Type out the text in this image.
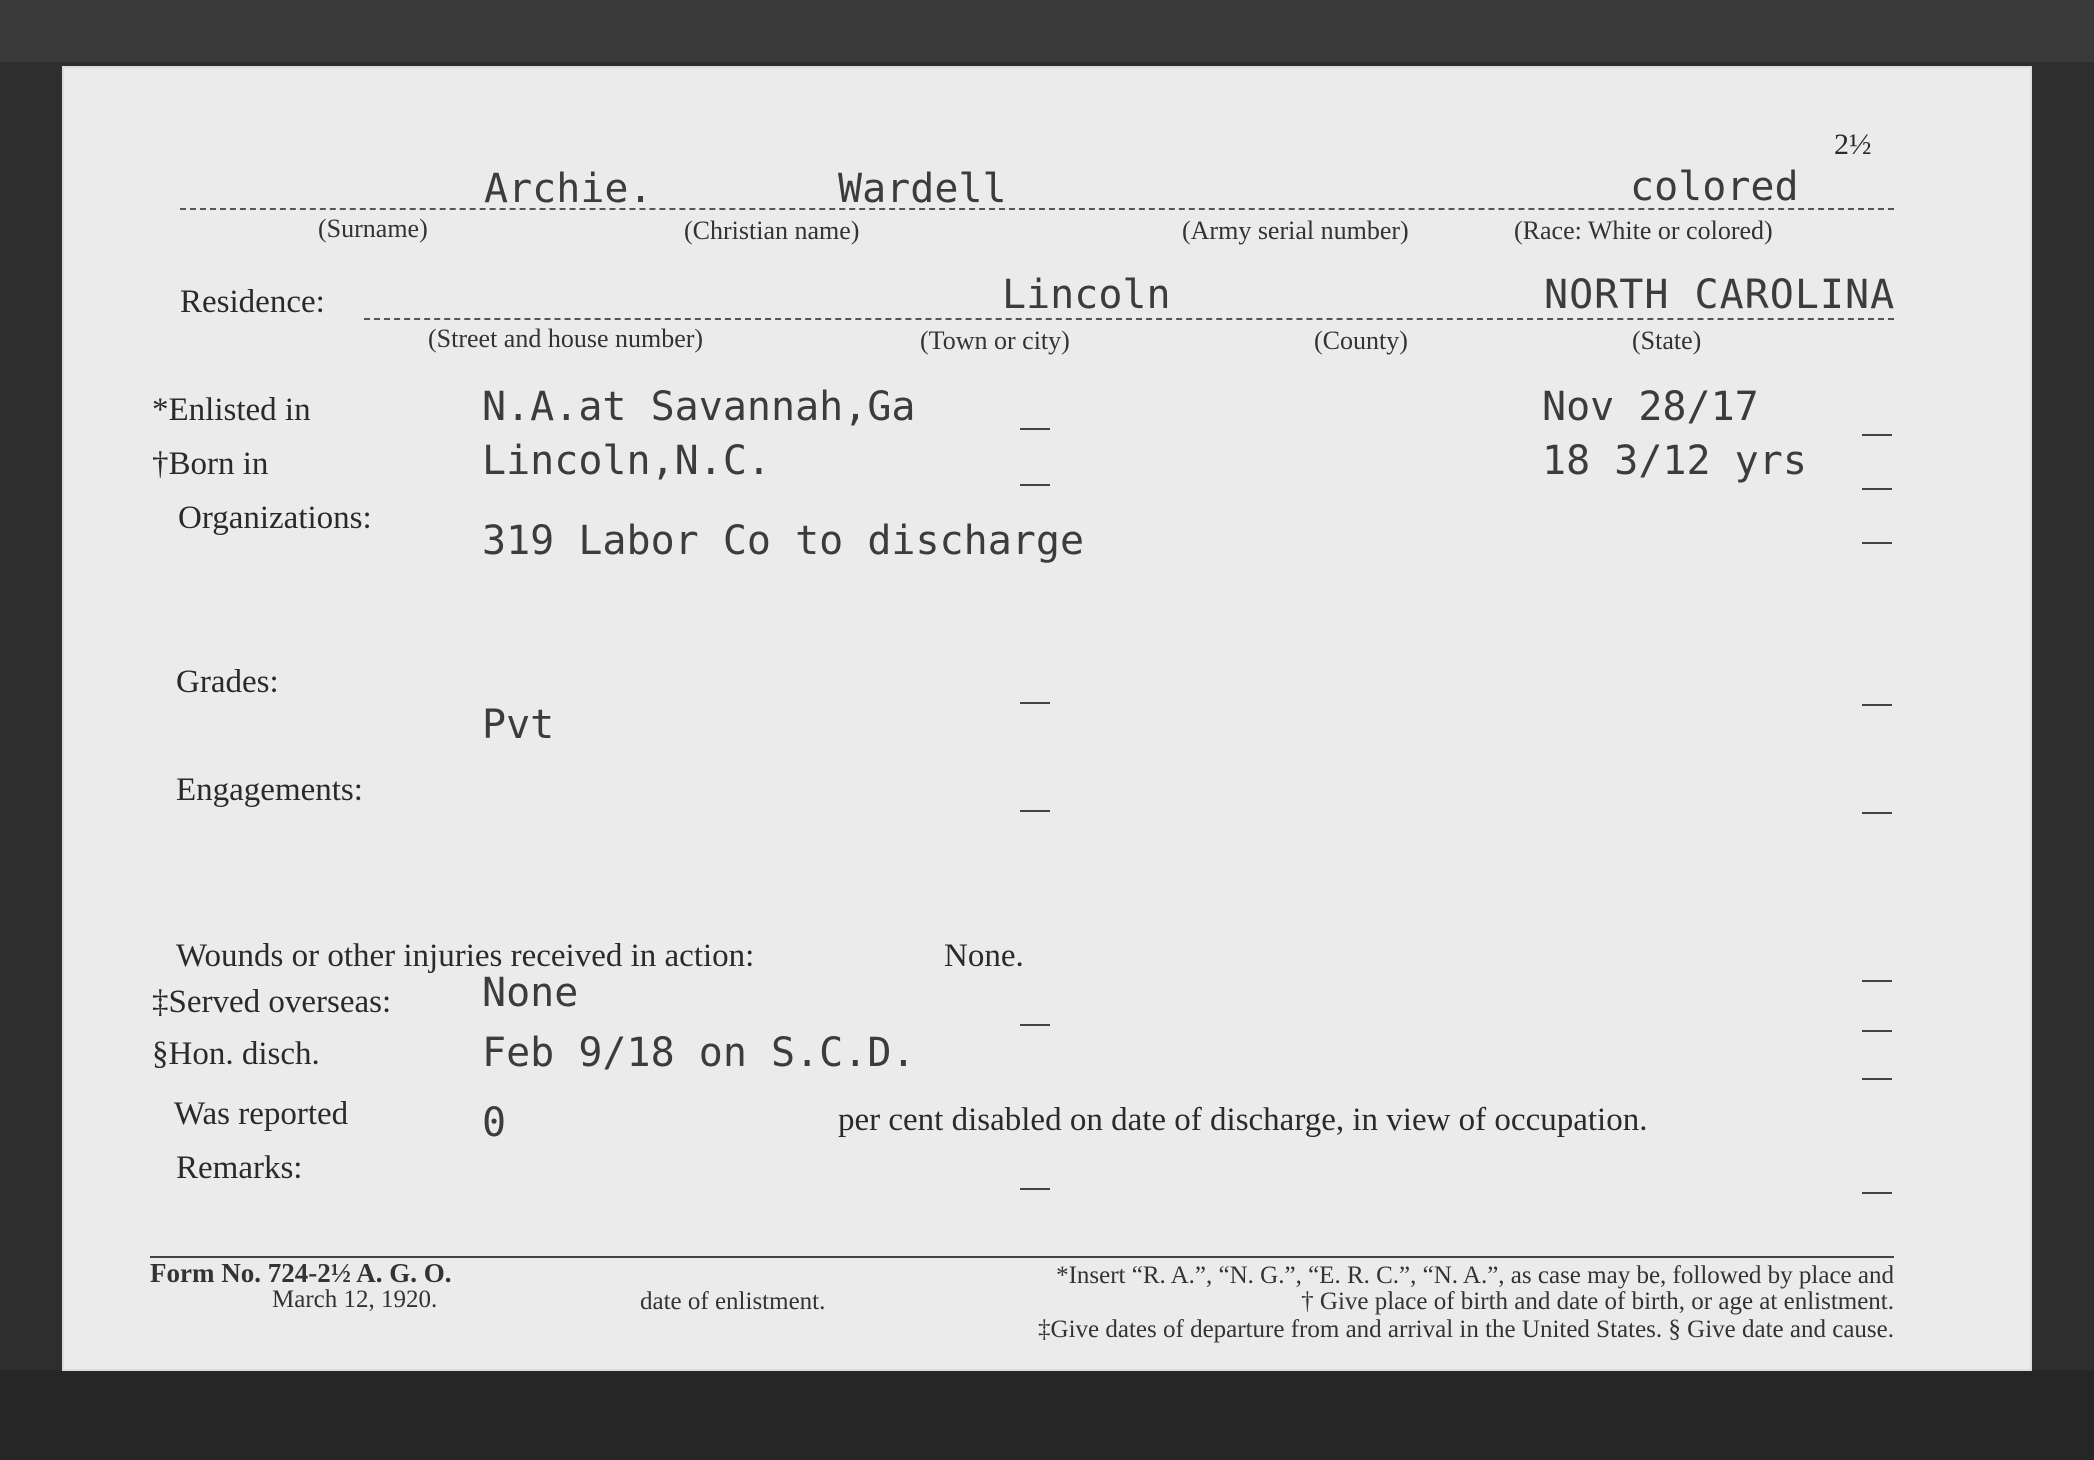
2½
Archie.	Wardell	colored
(Surname)	(Christian name)	(Army serial number)	(Race: White or colored)
Residence:	Lincoln	NORTH CAROLINA
(Street and house number)	(Town or city)	(County)	(State)
*Enlisted in	N.A.at Savannah,Ga	Nov 28/17
†Born in	Lincoln,N.C.	18 3/12 yrs
Organizations:	319 Labor Co to discharge
Grades:
Pvt
Engagements:
Wounds or other injuries received in action:	None.
‡Served overseas: None
§Hon. disch.	Feb 9/18 on S.C.D.
Was reported	0	per cent disabled on date of discharge, in view of occupation.
Remarks:
Form No. 724-2½ A. G. O.
March 12, 1920.
*Insert “R. A.”, “N. G.”, “E. R. C.”, “N. A.”, as case may be, followed by place and
date of enlistment.	† Give place of birth and date of birth, or age at enlistment.
‡Give dates of departure from and arrival in the United States. § Give date and cause.
